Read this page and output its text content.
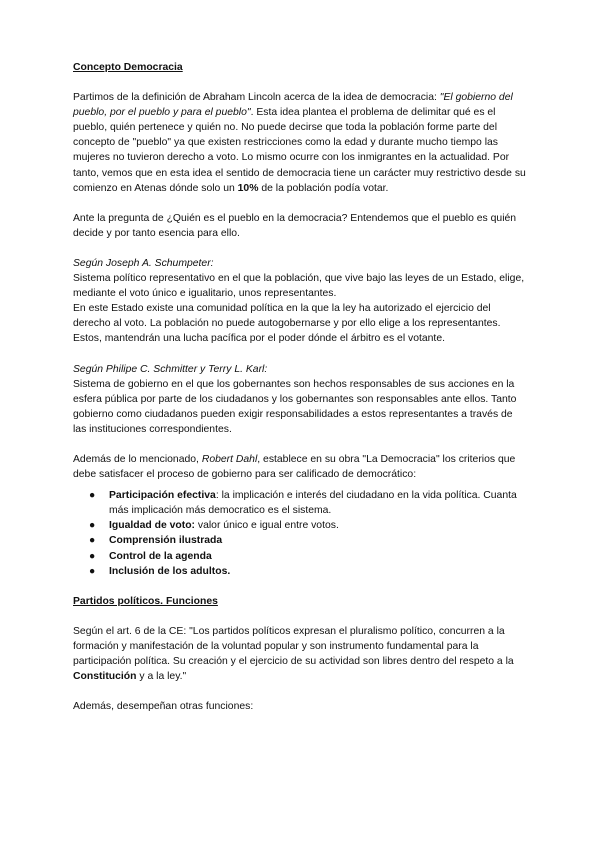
Concepto Democracia

Partimos de la definición de Abraham Lincoln acerca de la idea de democracia: "El gobierno del pueblo, por el pueblo y para el pueblo". Esta idea plantea el problema de delimitar qué es el pueblo, quién pertenece y quién no. No puede decirse que toda la población forme parte del concepto de "pueblo" ya que existen restricciones como la edad y durante mucho tiempo las mujeres no tuvieron derecho a voto. Lo mismo ocurre con los inmigrantes en la actualidad. Por tanto, vemos que en esta idea el sentido de democracia tiene un carácter muy restrictivo desde su comienzo en Atenas dónde solo un 10% de la población podía votar.

Ante la pregunta de ¿Quién es el pueblo en la democracia? Entendemos que el pueblo es quién decide y por tanto esencia para ello.

Según Joseph A. Schumpeter:

Sistema político representativo en el que la población, que vive bajo las leyes de un Estado, elige, mediante el voto único e igualitario, unos representantes.

En este Estado existe una comunidad política en la que la ley ha autorizado el ejercicio del derecho al voto. La población no puede autogobernarse y por ello elige a los representantes. Estos, mantendrán una lucha pacífica por el poder dónde el árbitro es el votante.

Según Philipe C. Schmitter y Terry L. Karl:

Sistema de gobierno en el que los gobernantes son hechos responsables de sus acciones en la esfera pública por parte de los ciudadanos y los gobernantes son responsables ante ellos. Tanto gobierno como ciudadanos pueden exigir responsabilidades a estos representantes a través de las instituciones correspondientes.

Además de lo mencionado, Robert Dahl, establece en su obra "La Democracia" los criterios que debe satisfacer el proceso de gobierno para ser calificado de democrático:

● Participación efectiva: la implicación e interés del ciudadano en la vida política. Cuanta más implicación más democratico es el sistema.
● Igualdad de voto: valor único e igual entre votos.
● Comprensión ilustrada
● Control de la agenda
● Inclusión de los adultos.

Partidos políticos. Funciones

Según el art. 6 de la CE: "Los partidos políticos expresan el pluralismo político, concurren a la formación y manifestación de la voluntad popular y son instrumento fundamental para la participación política. Su creación y el ejercicio de su actividad son libres dentro del respeto a la Constitución y a la ley."

Además, desempeñan otras funciones:
